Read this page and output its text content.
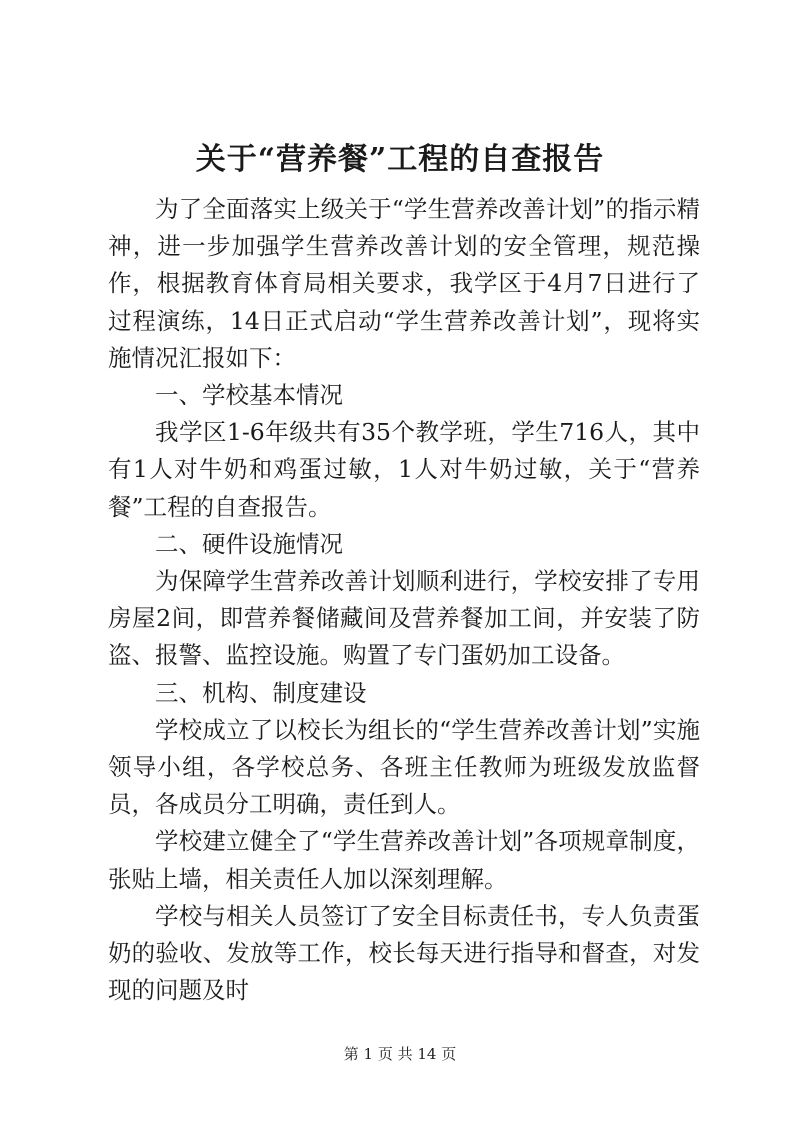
关于“营养餐”工程的自查报告

为了全面落实上级关于“学生营养改善计划”的指示精神，进一步加强学生营养改善计划的安全管理，规范操作，根据教育体育局相关要求，我学区于4月7日进行了过程演练，14日正式启动“学生营养改善计划”，现将实施情况汇报如下：

一、学校基本情况

我学区1-6年级共有35个教学班，学生716人，其中有1人对牛奶和鸡蛋过敏，1人对牛奶过敏，关于“营养餐”工程的自查报告。

二、硬件设施情况

为保障学生营养改善计划顺利进行，学校安排了专用房屋2间，即营养餐储藏间及营养餐加工间，并安装了防盗、报警、监控设施。购置了专门蛋奶加工设备。

三、机构、制度建设

学校成立了以校长为组长的“学生营养改善计划”实施领导小组，各学校总务、各班主任教师为班级发放监督员，各成员分工明确，责任到人。

学校建立健全了“学生营养改善计划”各项规章制度，张贴上墙，相关责任人加以深刻理解。

学校与相关人员签订了安全目标责任书，专人负责蛋奶的验收、发放等工作，校长每天进行指导和督查，对发现的问题及时

第 1 页 共 14 页
